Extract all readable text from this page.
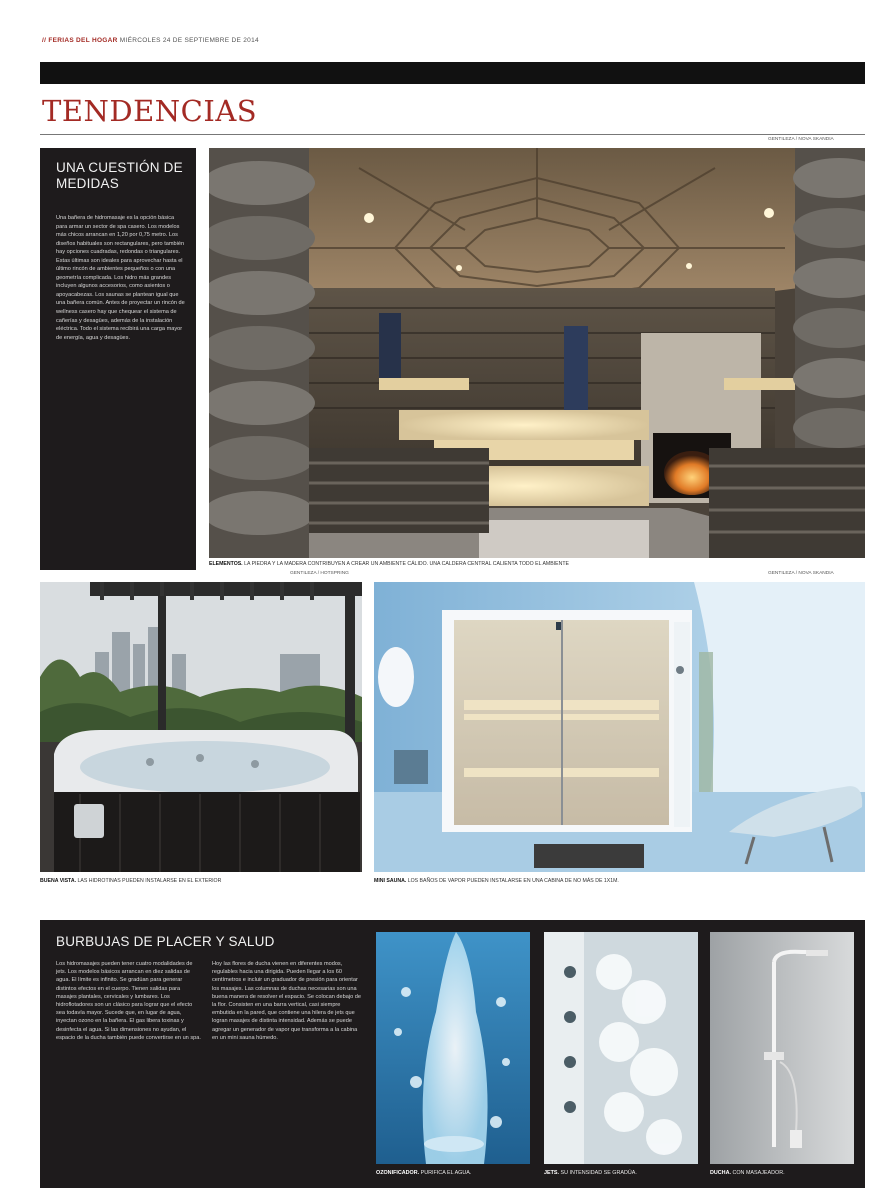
// FERIAS DEL HOGAR MIÉRCOLES 24 DE SEPTIEMBRE DE 2014
TENDENCIAS
GENTILEZA / NOVA SKANDIA
UNA CUESTIÓN DE MEDIDAS

Una bañera de hidromasaje es la opción básica para armar un sector de spa casero. Los modelos más chicos arrancan en 1,20 por 0,75 metro. Los diseños habituales son rectangulares, pero también hay opciones cuadradas, redondas o triangulares. Estas últimas son ideales para aprovechar hasta el último rincón de ambientes pequeños o con una geometría complicada. Los hidro más grandes incluyen algunos accesorios, como asientos o apoyacabezas. Los saunas se plantean igual que una bañera común. Antes de proyectar un rincón de wellness casero hay que chequear el sistema de cañerías y desagües, además de la instalación eléctrica. Todo el sistema recibirá una carga mayor de energía, agua y desagües.

ELEMENTOS. LA PIEDRA Y LA MADERA CONTRIBUYEN A CREAR UN AMBIENTE CÁLIDO. UNA CALDERA CENTRAL CALIENTA TODO EL AMBIENTE
GENTILEZA / HOTSPRING	GENTILEZA / NOVA SKANDIA
BUENA VISTA. LAS HIDROTINAS PUEDEN INSTALARSE EN EL EXTERIOR	MINI SAUNA. LOS BAÑOS DE VAPOR PUEDEN INSTALARSE EN UNA CABINA DE NO MÁS DE 1X1M.
BURBUJAS DE PLACER Y SALUD
Los hidromasajes pueden tener cuatro modalidades de jets. Los modelos básicos arrancan en diez salidas de agua. El límite es infinito. Se gradúan para generar distintos efectos en el cuerpo. Tienen salidas para masajes plantales, cervicales y lumbares. Los hidroflotadores son un clásico para lograr que el efecto sea todavía mayor. Sucede que, en lugar de agua, inyectan ozono en la bañera. El gas libera toxinas y desinfecta el agua. Si las dimensiones no ayudan, el espacio de la ducha también puede convertirse en un spa.
Hoy las flores de ducha vienen en diferentes modos, regulables hacia una dirigida. Pueden llegar a los 60 centímetros e incluir un graduador de presión para orientar los masajes. Las columnas de duchas necesarias son una buena manera de resolver el espacio. Se colocan debajo de la flor. Consisten en una barra vertical, casi siempre embutida en la pared, que contiene una hilera de jets que logran masajes de distinta intensidad. Además se puede agregar un generador de vapor que transforma a la cabina en un mini sauna húmedo.
OZONIFICADOR. PURIFICA EL AGUA.	JETS. SU INTENSIDAD SE GRADÚA.	DUCHA. CON MASAJEADOR.
